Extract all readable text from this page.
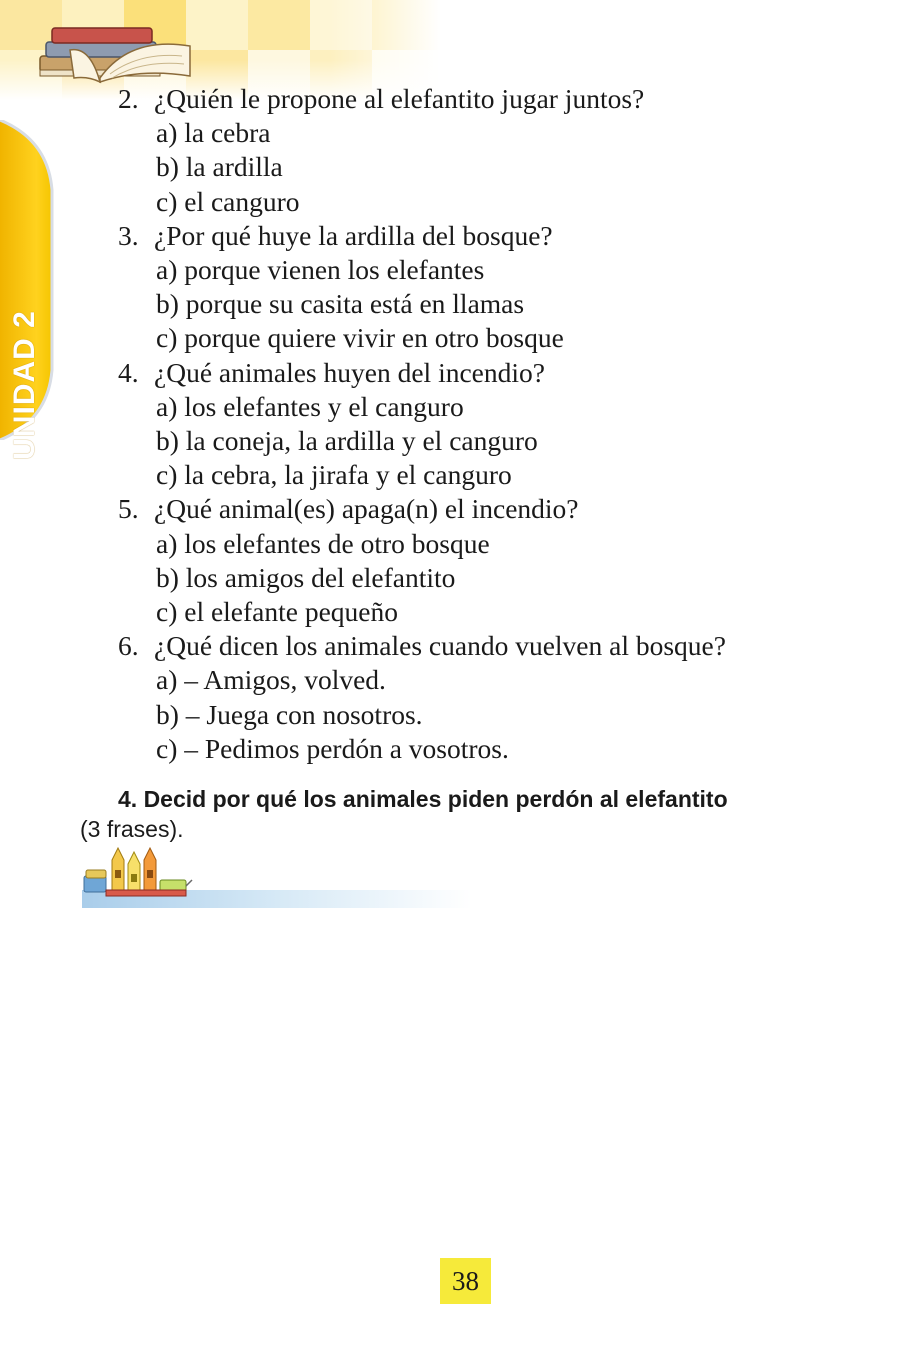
UNIDAD 2
2. ¿Quién le propone al elefantito jugar juntos?
a) la cebra
b) la ardilla
c) el canguro
3. ¿Por qué huye la ardilla del bosque?
a) porque vienen los elefantes
b) porque su casita está en llamas
c) porque quiere vivir en otro bosque
4. ¿Qué animales huyen del incendio?
a) los elefantes y el canguro
b) la coneja, la ardilla y el canguro
c) la cebra, la jirafa y el canguro
5. ¿Qué animal(es) apaga(n) el incendio?
a) los elefantes de otro bosque
b) los amigos del elefantito
c) el elefante pequeño
6. ¿Qué dicen los animales cuando vuelven al bosque?
a) – Amigos, volved.
b) – Juega con nosotros.
c) – Pedimos perdón a vosotros.
4. Decid por qué los animales piden perdón al elefantito
(3 frases).
38
